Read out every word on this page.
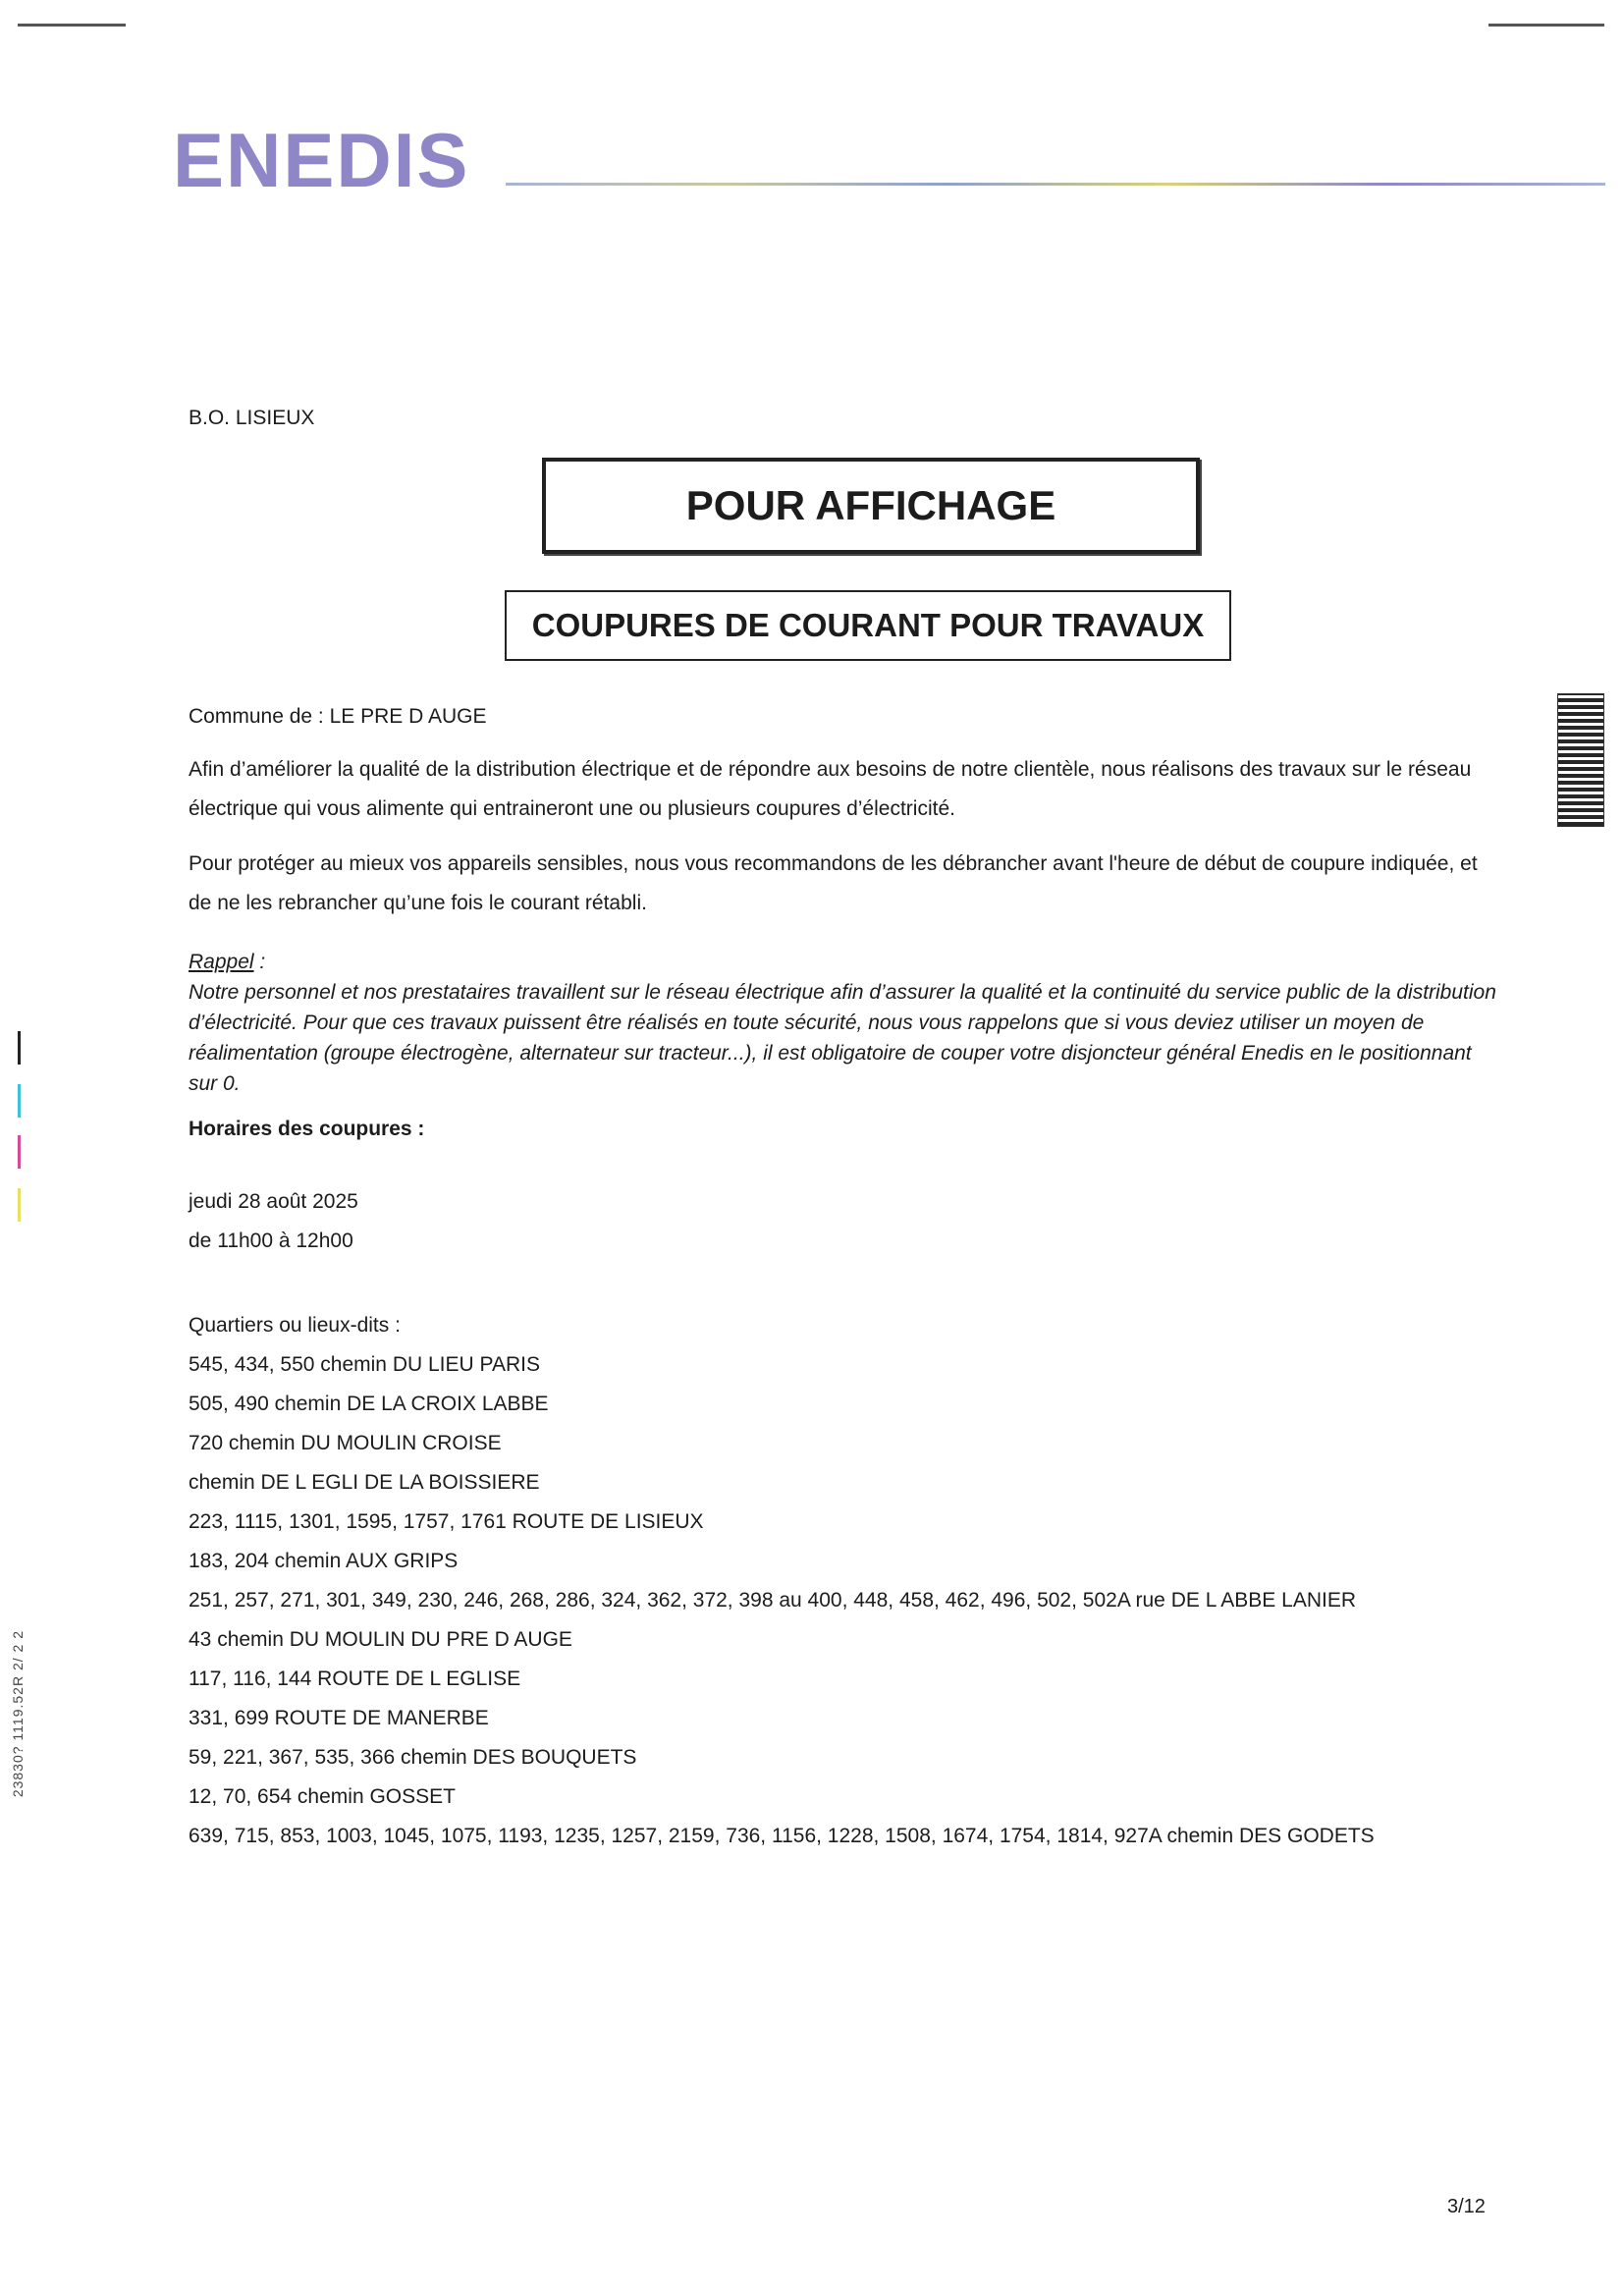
ENEDIS
B.O. LISIEUX
POUR AFFICHAGE
COUPURES DE COURANT POUR TRAVAUX
Commune de : LE PRE D AUGE
Afin d’améliorer la qualité de la distribution électrique et de répondre aux besoins de notre clientèle, nous réalisons des travaux sur le réseau électrique qui vous alimente qui entraineront une ou plusieurs coupures d’électricité.
Pour protéger au mieux vos appareils sensibles, nous vous recommandons de les débrancher avant l'heure de début de coupure indiquée, et de ne les rebrancher qu’une fois le courant rétabli.
Rappel :
Notre personnel et nos prestataires travaillent sur le réseau électrique afin d’assurer la qualité et la continuité du service public de la distribution d’électricité. Pour que ces travaux puissent être réalisés en toute sécurité, nous vous rappelons que si vous deviez utiliser un moyen de réalimentation (groupe électrogène, alternateur sur tracteur...), il est obligatoire de couper votre disjoncteur général Enedis en le positionnant sur 0.
Horaires des coupures :
jeudi 28 août 2025
de 11h00 à 12h00
Quartiers ou lieux-dits :
545, 434, 550 chemin DU LIEU PARIS
505, 490 chemin DE LA CROIX LABBE
720 chemin DU MOULIN CROISE
chemin DE L EGLI DE LA BOISSIERE
223, 1115, 1301, 1595, 1757, 1761 ROUTE DE LISIEUX
183, 204 chemin AUX GRIPS
251, 257, 271, 301, 349, 230, 246, 268, 286, 324, 362, 372, 398 au 400, 448, 458, 462, 496, 502, 502A rue DE L ABBE LANIER
43 chemin DU MOULIN DU PRE D AUGE
117, 116, 144 ROUTE DE L EGLISE
331, 699 ROUTE DE MANERBE
59, 221, 367, 535, 366 chemin DES BOUQUETS
12, 70, 654 chemin GOSSET
639, 715, 853, 1003, 1045, 1075, 1193, 1235, 1257, 2159, 736, 1156, 1228, 1508, 1674, 1754, 1814, 927A chemin DES GODETS
23830? 1119.52R 2/ 2 2
3/12
